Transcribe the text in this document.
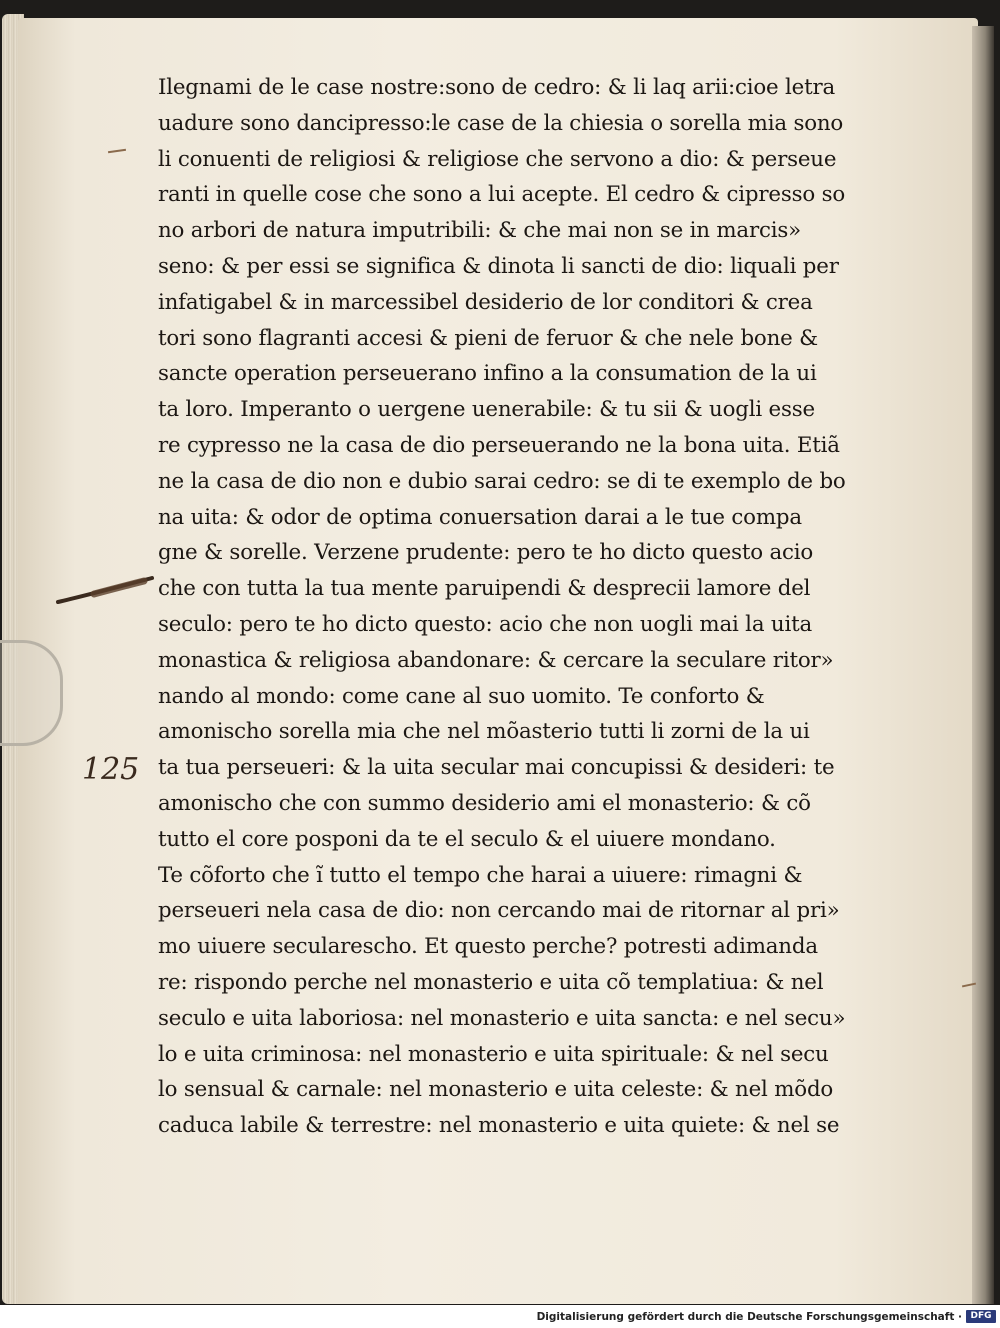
125
Ilegnami de le case nostre:sono de cedro: & li laq arii:cioe letra
uadure sono dancipresso:le case de la chiesia o sorella mia sono
li conuenti de religiosi & religiose che servono a dio: & perseue
ranti in quelle cose che sono a lui acepte. El cedro & cipresso so
no arbori de natura imputribili: & che mai non se in marcis»
seno: & per essi se significa & dinota li sancti de dio: liquali per
infatigabel & in marcessibel desiderio de lor conditori & crea
tori sono flagranti accesi & pieni de feruor & che nele bone &
sancte operation perseuerano infino a la consumation de la ui
ta loro. Imperanto o uergene uenerabile: & tu sii & uogli esse
re cypresso ne la casa de dio perseuerando ne la bona uita. Etiã
ne la casa de dio non e dubio sarai cedro: se di te exemplo de bo
na uita: & odor de optima conuersation darai a le tue compa
gne & sorelle. Verzene prudente: pero te ho dicto questo acio
che con tutta la tua mente paruipendi & desprecii lamore del
seculo: pero te ho dicto questo: acio che non uogli mai la uita
monastica & religiosa abandonare: & cercare la seculare ritor»
nando al mondo: come cane al suo uomito. Te conforto &
amonischo sorella mia che nel mõasterio tutti li zorni de la ui
ta tua perseueri: & la uita secular mai concupissi & desideri: te
amonischo che con summo desiderio ami el monasterio: & cõ
tutto el core posponi da te el seculo & el uiuere mondano.
Te cõforto che ĩ tutto el tempo che harai a uiuere: rimagni &
perseueri nela casa de dio: non cercando mai de ritornar al pri»
mo uiuere secularescho. Et questo perche? potresti adimanda
re: rispondo perche nel monasterio e uita cõ templatiua: & nel
seculo e uita laboriosa: nel monasterio e uita sancta: e nel secu»
lo e uita criminosa: nel monasterio e uita spirituale: & nel secu
lo sensual & carnale: nel monasterio e uita celeste: & nel mõdo
caduca labile & terrestre: nel monasterio e uita quiete: & nel se
Digitalisierung gefördert durch die Deutsche Forschungsgemeinschaft · DFG
